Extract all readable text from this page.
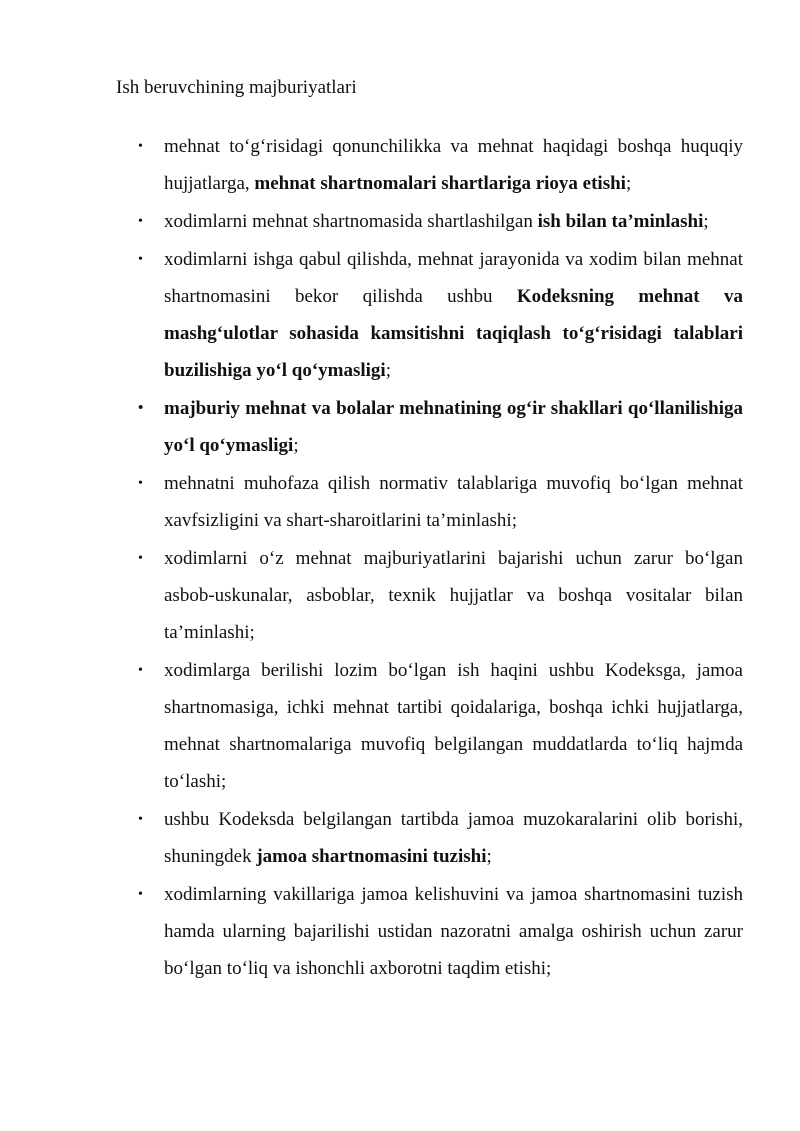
Ish beruvchining majburiyatlari
• mehnat to‘g‘risidagi qonunchilikka va mehnat haqidagi boshqa huquqiy hujjatlarga, mehnat shartnomalari shartlariga rioya etishi;
• xodimlarni mehnat shartnomasida shartlashilgan ish bilan ta’minlashi;
• xodimlarni ishga qabul qilishda, mehnat jarayonida va xodim bilan mehnat shartnomasini bekor qilishda ushbu Kodeksning mehnat va mashg‘ulotlar sohasida kamsitishni taqiqlash to‘g‘risidagi talablari buzilishiga yo‘l qo‘ymasligi;
• majburiy mehnat va bolalar mehnatining og‘ir shakllari qo‘llanilishiga yo‘l qo‘ymasligi;
• mehnatni muhofaza qilish normativ talablariga muvofiq bo‘lgan mehnat xavfsizligini va shart-sharoitlarini ta’minlashi;
• xodimlarni o‘z mehnat majburiyatlarini bajarishi uchun zarur bo‘lgan asbob-uskunalar, asboblar, texnik hujjatlar va boshqa vositalar bilan ta’minlashi;
• xodimlarga berilishi lozim bo‘lgan ish haqini ushbu Kodeksga, jamoa shartnomasiga, ichki mehnat tartibi qoidalariga, boshqa ichki hujjatlarga, mehnat shartnomalariga muvofiq belgilangan muddatlarda to‘liq hajmda to‘lashi;
• ushbu Kodeksda belgilangan tartibda jamoa muzokaralarini olib borishi, shuningdek jamoa shartnomasini tuzishi;
• xodimlarning vakillariga jamoa kelishuvini va jamoa shartnomasini tuzish hamda ularning bajarilishi ustidan nazoratni amalga oshirish uchun zarur bo‘lgan to‘liq va ishonchli axborotni taqdim etishi;
